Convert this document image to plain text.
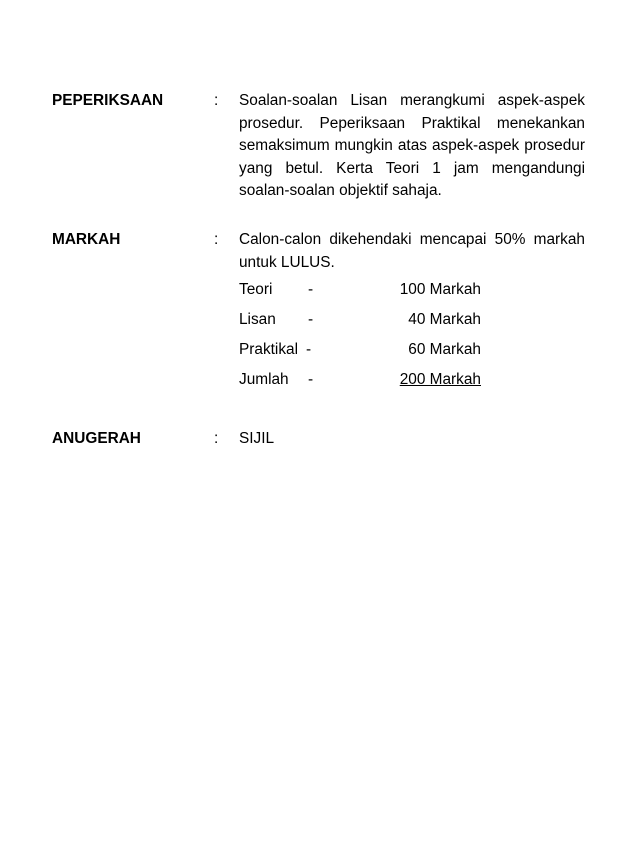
PEPERIKSAAN	: Soalan-soalan Lisan merangkumi aspek-aspek
prosedur. Peperiksaan Praktikal menekankan
semaksimum mungkin atas aspek-aspek prosedur
yang betul. Kerta Teori 1 jam mengandungi
soalan-soalan objektif sahaja.
MARKAH	: Calon-calon dikehendaki mencapai 50% markah
untuk LULUS.
Teori -	100 Markah
Lisan -	40 Markah
Praktikal -	60 Markah
Jumlah -	200 Markah
ANUGERAH	: SIJIL
